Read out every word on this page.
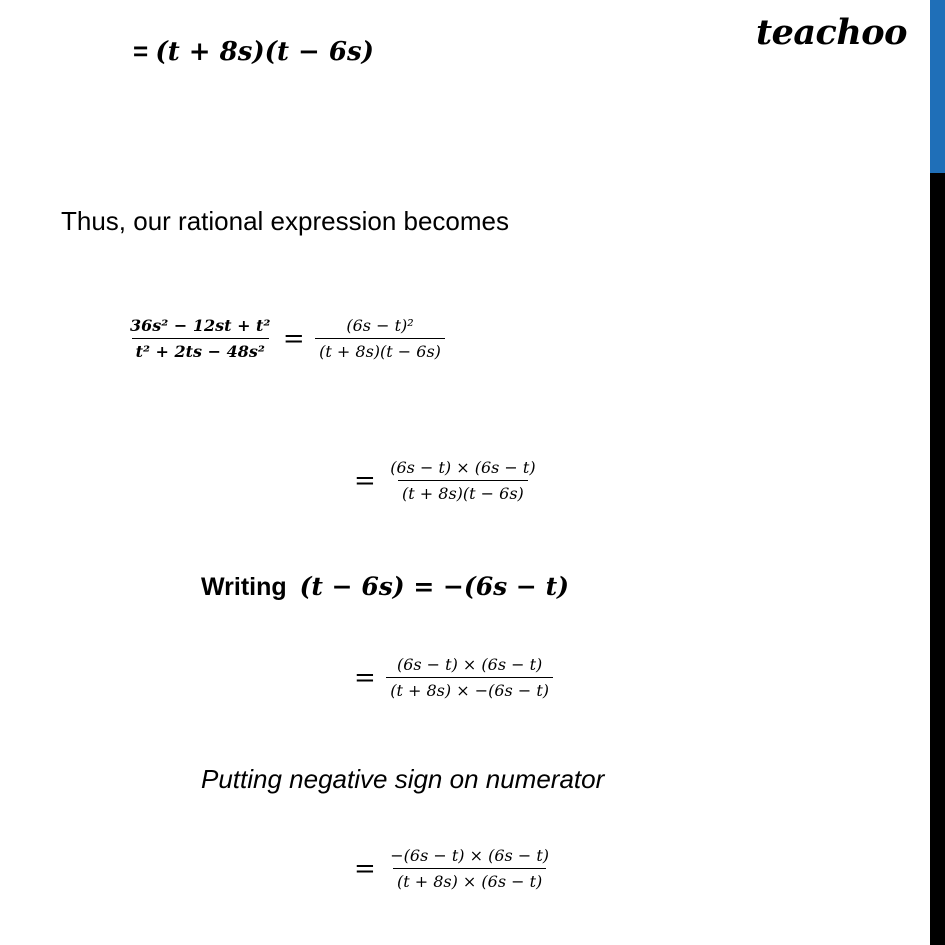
teachoo
= (t + 8s)(t − 6s)
Thus, our rational expression becomes
$\frac{\text{36s² − 12st + t²}}{\text{t² + 2ts − 48s²}} = \frac{\text{(6s − t)²}}{(t + 8s)(t - 6s)}$
= $\frac{(6s - t) \times (6s - t)}{(t + 8s)(t - 6s)}$
Writing (t − 6s) = −(6s − t)
= $\frac{(6s - t) \times (6s - t)}{(t + 8s) \times -(6s - t)}$
Putting negative sign on numerator
= $\frac{-(6s - t) \times (6s - t)}{(t + 8s) \times (6s - t)}$
